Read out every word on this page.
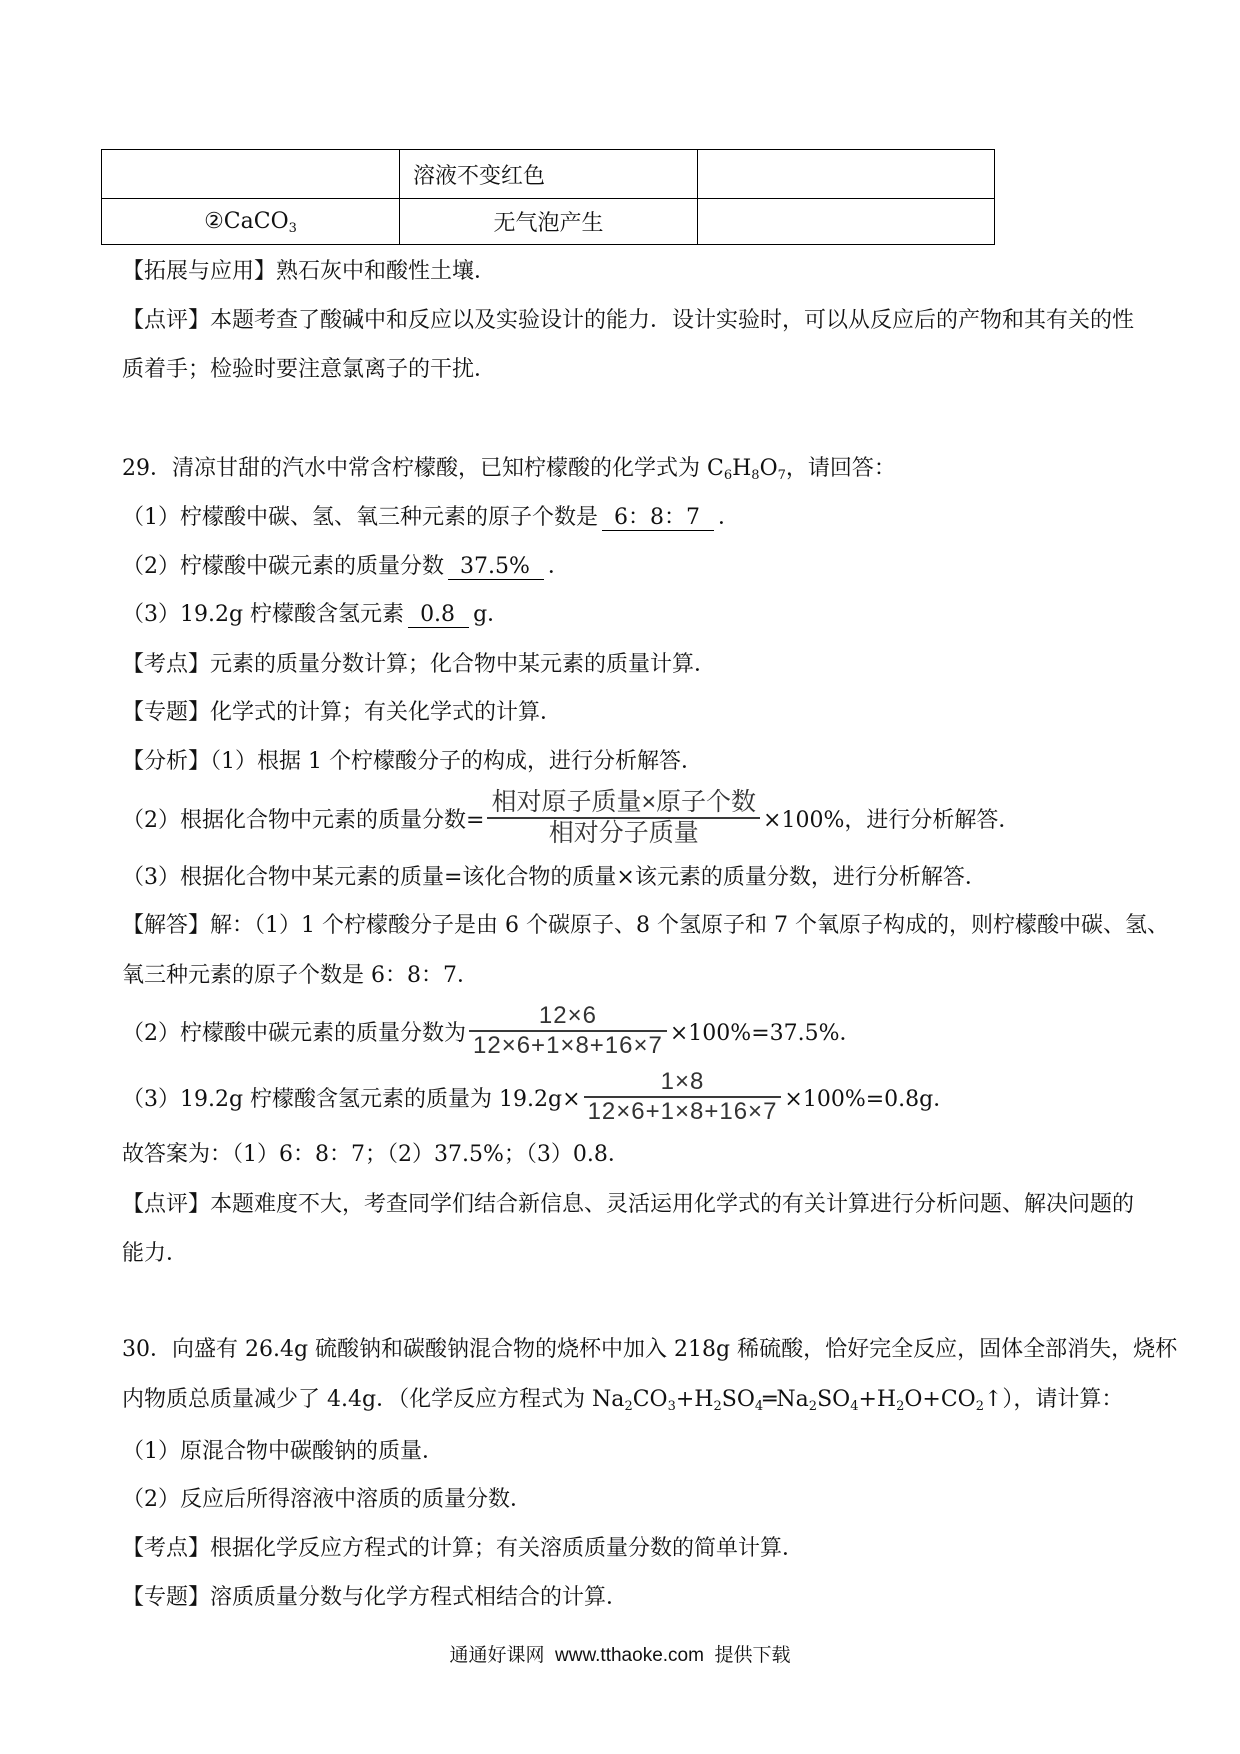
	溶液不变红色	
②CaCO$_3$	无气泡产生	
【拓展与应用】熟石灰中和酸性土壤．
【点评】本题考查了酸碱中和反应以及实验设计的能力．设计实验时，可以从反应后的产物和其有关的性
质着手；检验时要注意氯离子的干扰．
29．清凉甘甜的汽水中常含柠檬酸，已知柠檬酸的化学式为 $C_6H_8O_7$，请回答：
（1）柠檬酸中碳、氢、氧三种元素的原子个数是 6：8：7 ．
（2）柠檬酸中碳元素的质量分数 37.5% ．
（3）19.2g 柠檬酸含氢元素 0.8 g．
【考点】元素的质量分数计算；化合物中某元素的质量计算．
【专题】化学式的计算；有关化学式的计算．
【分析】（1）根据 1 个柠檬酸分子的构成，进行分析解答．
（2）根据化合物中元素的质量分数= $\frac{\text{相对原子质量×原子个数}}{\text{相对分子质量}} \times 100\%$，进行分析解答．
（3）根据化合物中某元素的质量=该化合物的质量×该元素的质量分数，进行分析解答．
【解答】解：（1）1 个柠檬酸分子是由 6 个碳原子、8 个氢原子和 7 个氧原子构成的，则柠檬酸中碳、氢、
氧三种元素的原子个数是 6：8：7．
（2）柠檬酸中碳元素的质量分数为 $\frac{12\times 6}{12\times 6+1\times 8+16\times 7} \times 100\%=37.5\%$．
（3）19.2g 柠檬酸含氢元素的质量为 $19.2g\times \frac{1\times 8}{12\times 6+1\times 8+16\times 7} \times 100\%=0.8g$．
故答案为：（1）6：8：7；（2）37.5%；（3）0.8．
【点评】本题难度不大，考查同学们结合新信息、灵活运用化学式的有关计算进行分析问题、解决问题的
能力．
30．向盛有 26.4g 硫酸钠和碳酸钠混合物的烧杯中加入 218g 稀硫酸，恰好完全反应，固体全部消失，烧杯
内物质总质量减少了 4.4g．（化学反应方程式为 $Na_2CO_3+H_2SO_4═Na_2SO_4+H_2O+CO_2↑$），请计算：
（1）原混合物中碳酸钠的质量．
（2）反应后所得溶液中溶质的质量分数．
【考点】根据化学反应方程式的计算；有关溶质质量分数的简单计算．
【专题】溶质质量分数与化学方程式相结合的计算．
通通好课网  www.tthaoke.com  提供下载
